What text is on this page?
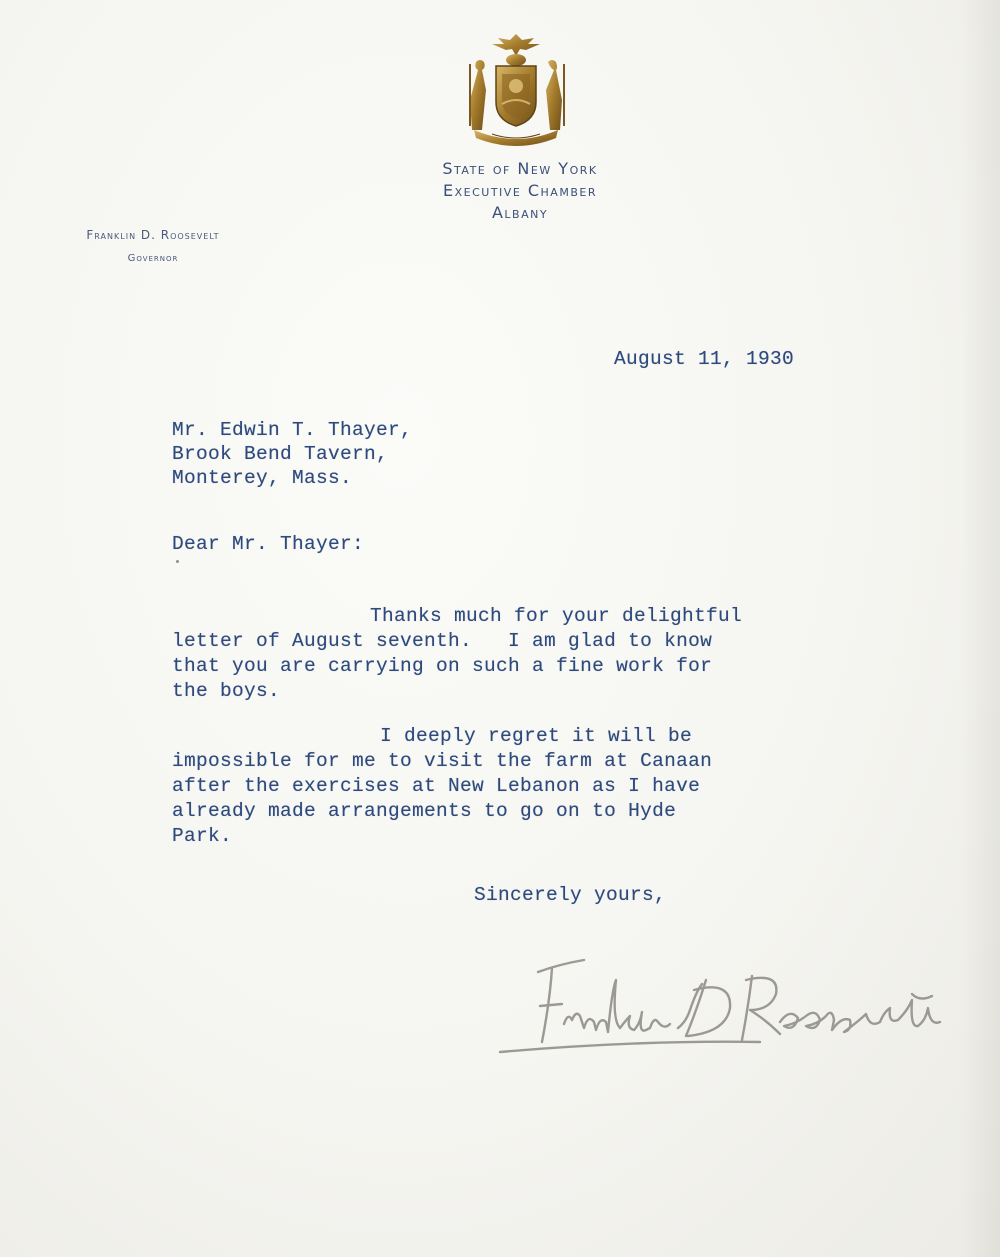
State of New York
Executive Chamber
Albany
Franklin D. Roosevelt
Governor
August 11, 1930
Mr. Edwin T. Thayer,
Brook Bend Tavern,
Monterey, Mass.
Dear Mr. Thayer:
Thanks much for your delightful
letter of August seventh.   I am glad to know
that you are carrying on such a fine work for
the boys.
I deeply regret it will be
impossible for me to visit the farm at Canaan
after the exercises at New Lebanon as I have
already made arrangements to go on to Hyde
Park.
Sincerely yours,
